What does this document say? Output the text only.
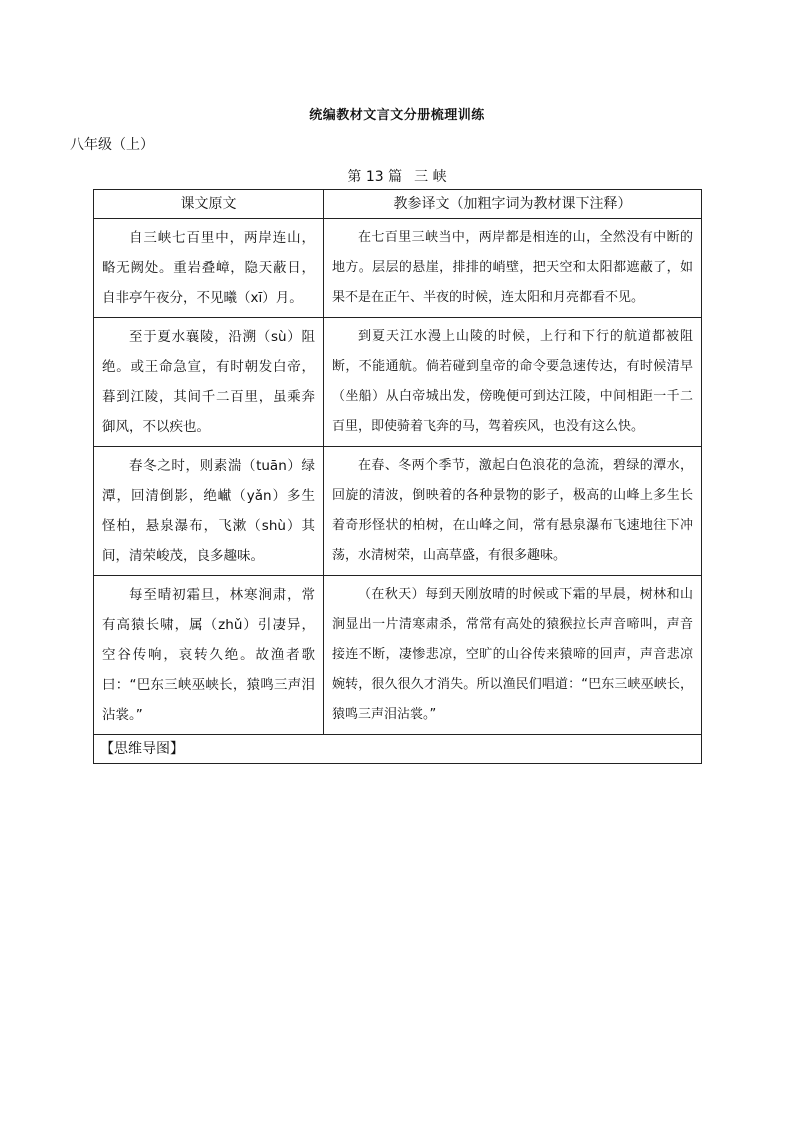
统编教材文言文分册梳理训练
八年级（上）
第 13 篇 三 峡
课文原文	教参译文（加粗字词为教材课下注释）
自三峡七百里中，两岸连山，略无阙处。重岩叠嶂，隐天蔽日，自非亭午夜分，不见曦（xī）月。	在七百里三峡当中，两岸都是相连的山，全然没有中断的地方。层层的悬崖，排排的峭壁，把天空和太阳都遮蔽了，如果不是在正午、半夜的时候，连太阳和月亮都看不见。
至于夏水襄陵，沿溯（sù）阻绝。或王命急宣，有时朝发白帝，暮到江陵，其间千二百里，虽乘奔御风，不以疾也。	到夏天江水漫上山陵的时候，上行和下行的航道都被阻断，不能通航。倘若碰到皇帝的命令要急速传达，有时候清早（坐船）从白帝城出发，傍晚便可到达江陵，中间相距一千二百里，即使骑着飞奔的马，驾着疾风，也没有这么快。
春冬之时，则素湍（tuān）绿潭，回清倒影，绝𪩘（yǎn）多生怪柏，悬泉瀑布，飞漱（shù）其间，清荣峻茂，良多趣味。	在春、冬两个季节，激起白色浪花的急流，碧绿的潭水，回旋的清波，倒映着的各种景物的影子，极高的山峰上多生长着奇形怪状的柏树，在山峰之间，常有悬泉瀑布飞速地往下冲荡，水清树荣，山高草盛，有很多趣味。
每至晴初霜旦，林寒涧肃，常有高猿长啸，属（zhǔ）引凄异，空谷传响，哀转久绝。故渔者歌曰：“巴东三峡巫峡长，猿鸣三声泪沾裳。”	（在秋天）每到天刚放晴的时候或下霜的早晨，树林和山涧显出一片清寒肃杀，常常有高处的猿猴拉长声音啼叫，声音接连不断，凄惨悲凉，空旷的山谷传来猿啼的回声，声音悲凉婉转，很久很久才消失。所以渔民们唱道：“巴东三峡巫峡长，猿鸣三声泪沾裳。”
【思维导图】	
